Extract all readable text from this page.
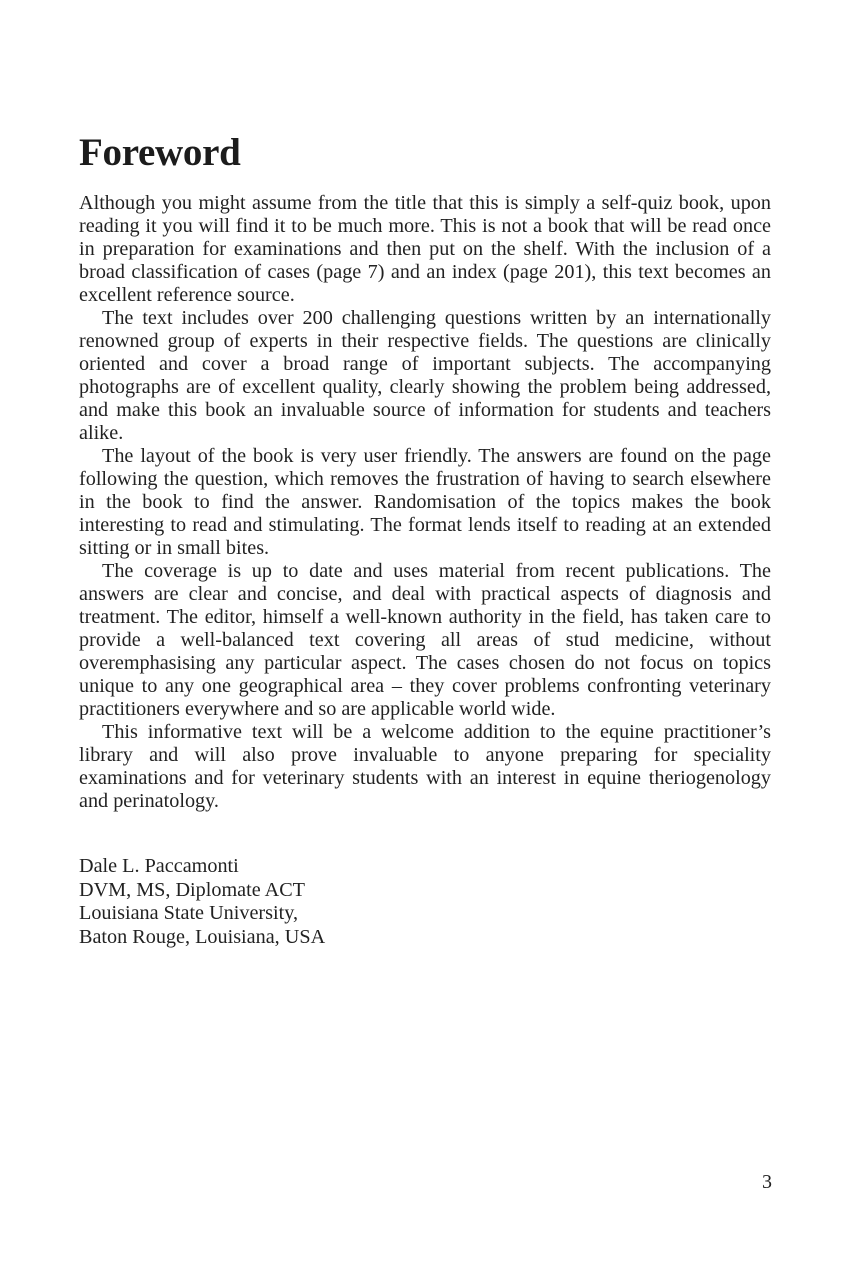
Foreword

Although you might assume from the title that this is simply a self-quiz book, upon reading it you will find it to be much more. This is not a book that will be read once in preparation for examinations and then put on the shelf. With the inclusion of a broad classification of cases (page 7) and an index (page 201), this text becomes an excellent reference source.

The text includes over 200 challenging questions written by an internationally renowned group of experts in their respective fields. The questions are clinically oriented and cover a broad range of important subjects. The accompanying photographs are of excellent quality, clearly showing the problem being addressed, and make this book an invaluable source of information for students and teachers alike.

The layout of the book is very user friendly. The answers are found on the page following the question, which removes the frustration of having to search elsewhere in the book to find the answer. Randomisation of the topics makes the book interesting to read and stimulating. The format lends itself to reading at an extended sitting or in small bites.

The coverage is up to date and uses material from recent publications. The answers are clear and concise, and deal with practical aspects of diagnosis and treatment. The editor, himself a well-known authority in the field, has taken care to provide a well-balanced text covering all areas of stud medicine, without overemphasising any particular aspect. The cases chosen do not focus on topics unique to any one geographical area – they cover problems confronting veterinary practitioners everywhere and so are applicable world wide.

This informative text will be a welcome addition to the equine practitioner’s library and will also prove invaluable to anyone preparing for speciality examinations and for veterinary students with an interest in equine theriogenology and perinatology.

Dale L. Paccamonti
DVM, MS, Diplomate ACT
Louisiana State University,
Baton Rouge, Louisiana, USA
3
